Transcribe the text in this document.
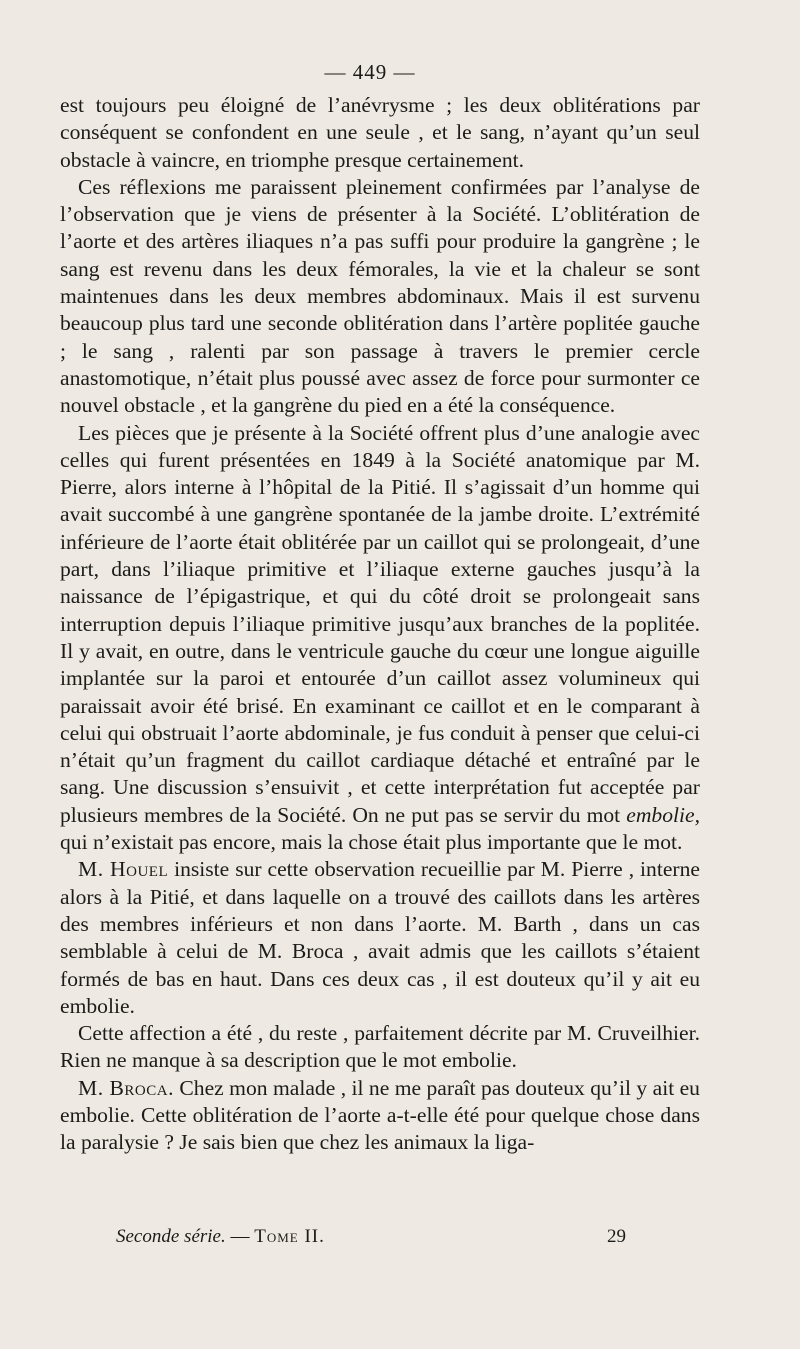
— 449 —

est toujours peu éloigné de l’anévrysme ; les deux oblitérations par conséquent se confondent en une seule , et le sang, n’ayant qu’un seul obstacle à vaincre, en triomphe presque certainement.

Ces réflexions me paraissent pleinement confirmées par l’analyse de l’observation que je viens de présenter à la Société. L’oblitération de l’aorte et des artères iliaques n’a pas suffi pour produire la gangrène ; le sang est revenu dans les deux fémorales, la vie et la chaleur se sont maintenues dans les deux membres abdominaux. Mais il est survenu beaucoup plus tard une seconde oblitération dans l’artère poplitée gauche ; le sang , ralenti par son passage à travers le premier cercle anastomotique, n’était plus poussé avec assez de force pour surmonter ce nouvel obstacle , et la gangrène du pied en a été la conséquence.

Les pièces que je présente à la Société offrent plus d’une analogie avec celles qui furent présentées en 1849 à la Société anatomique par M. Pierre, alors interne à l’hôpital de la Pitié. Il s’agissait d’un homme qui avait succombé à une gangrène spontanée de la jambe droite. L’extrémité inférieure de l’aorte était oblitérée par un caillot qui se prolongeait, d’une part, dans l’iliaque primitive et l’iliaque externe gauches jusqu’à la naissance de l’épigastrique, et qui du côté droit se prolongeait sans interruption depuis l’iliaque primitive jusqu’aux branches de la poplitée. Il y avait, en outre, dans le ventricule gauche du cœur une longue aiguille implantée sur la paroi et entourée d’un caillot assez volumineux qui paraissait avoir été brisé. En examinant ce caillot et en le comparant à celui qui obstruait l’aorte abdominale, je fus conduit à penser que celui-ci n’était qu’un fragment du caillot cardiaque détaché et entraîné par le sang. Une discussion s’ensuivit , et cette interprétation fut acceptée par plusieurs membres de la Société. On ne put pas se servir du mot embolie, qui n’existait pas encore, mais la chose était plus importante que le mot.

M. Houel insiste sur cette observation recueillie par M. Pierre , interne alors à la Pitié, et dans laquelle on a trouvé des caillots dans les artères des membres inférieurs et non dans l’aorte. M. Barth , dans un cas semblable à celui de M. Broca , avait admis que les caillots s’étaient formés de bas en haut. Dans ces deux cas , il est douteux qu’il y ait eu embolie.

Cette affection a été , du reste , parfaitement décrite par M. Cruveilhier. Rien ne manque à sa description que le mot embolie.

M. Broca. Chez mon malade , il ne me paraît pas douteux qu’il y ait eu embolie. Cette oblitération de l’aorte a-t-elle été pour quelque chose dans la paralysie ? Je sais bien que chez les animaux la liga-

Seconde série. — Tome II.	29
